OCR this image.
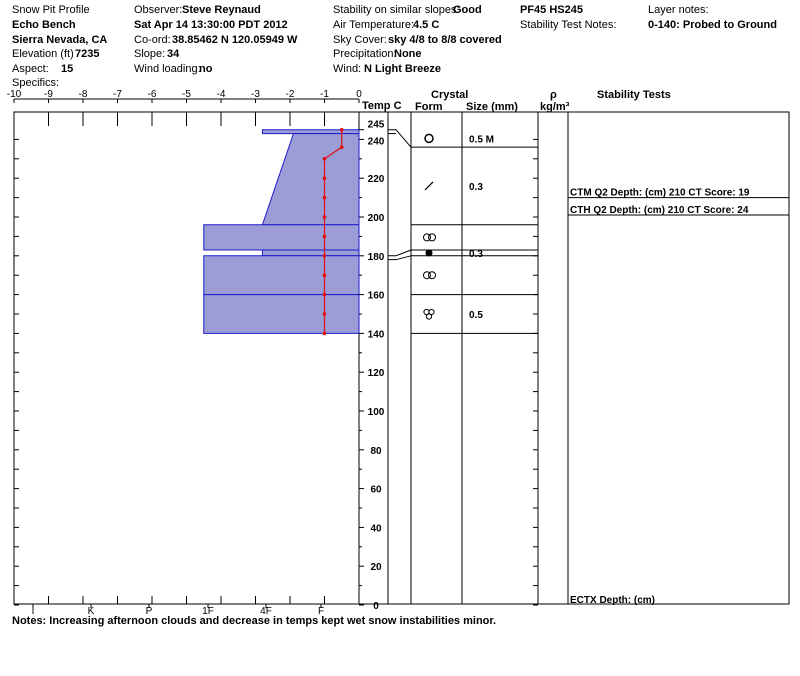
Snow Pit Profile
Echo Bench
Sierra Nevada, CA
Elevation (ft) 7235
Aspect: 15
Specifics:
Observer: Steve Reynaud
Sat Apr 14 13:30:00 PDT 2012
Co-ord: 38.85462 N 120.05949 W
Slope: 34
Wind loading:
no
Stability on similar slopes:
Good
Air Temperature:
4.5 C
Sky Cover: sky 4/8 to 8/8 covered
Precipitation:
None
Wind: N Light Breeze
PF45 HS245
Stability Test Notes:
Layer notes:
0-140: Probed to Ground
Temp C
Crystal
Form Size (mm)
ρ
kg/m³
Stability Tests
-10 -9	-8	-7	-6	-5	-4	-3	-2	-1	0
I	K	P	1F	4F	F	0
20
40
60
80
100
120
140
160
180
200
220
240
245
0.5 M
0.3
0.3
0.5
CTM Q2 Depth: (cm) 210 CT Score: 19
CTH Q2 Depth: (cm) 210 CT Score: 24
ECTX Depth: (cm)
Notes: Increasing afternoon clouds and decrease in temps kept wet snow instabilities minor.
